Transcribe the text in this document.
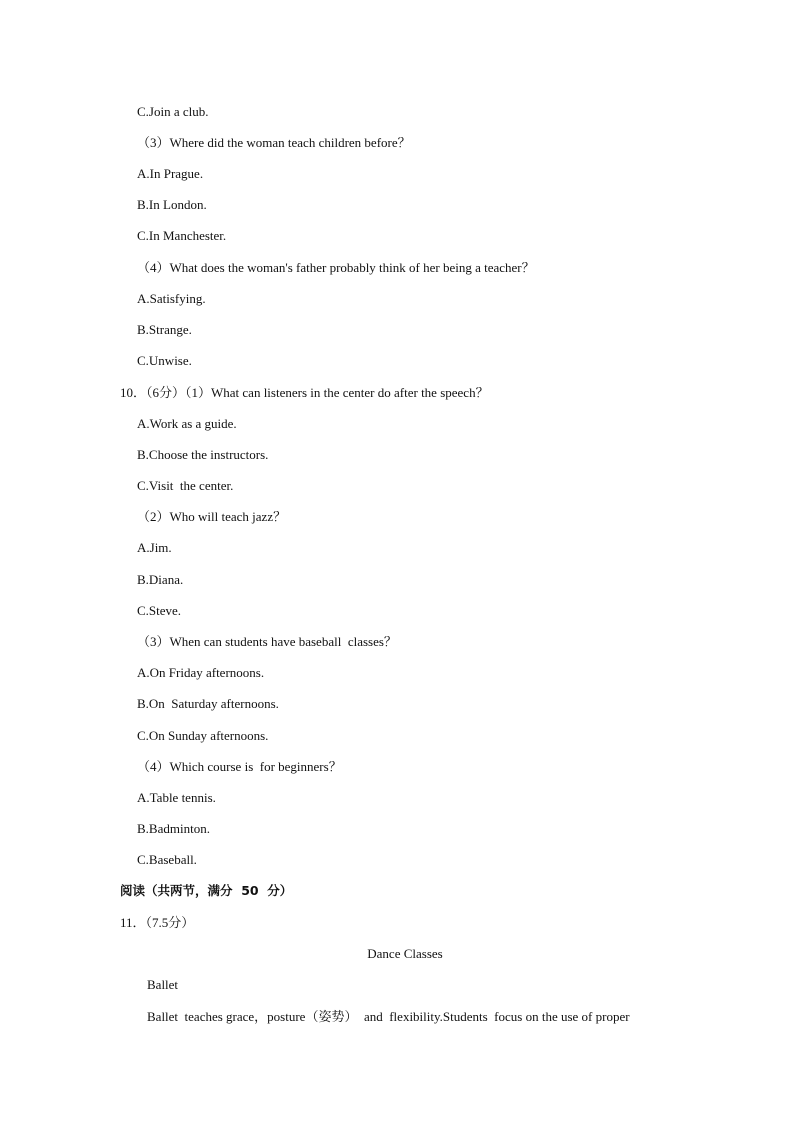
C.Join a club.
（3）Where did the woman teach children before？
A.In Prague.
B.In London.
C.In Manchester.
（4）What does the woman's father probably think of her being a teacher？
A.Satisfying.
B.Strange.
C.Unwise.
10．（6分）（1）What can listeners in the center do after the speech？
A.Work as a guide.
B.Choose the instructors.
C.Visit  the center.
（2）Who will teach jazz？
A.Jim.
B.Diana.
C.Steve.
（3）When can students have baseball  classes？
A.On Friday afternoons.
B.On  Saturday afternoons.
C.On Sunday afternoons.
（4）Which course is  for beginners？
A.Table tennis.
B.Badminton.
C.Baseball.
阅读（共两节，满分  50  分）
11．（7.5分）
Dance Classes
Ballet
Ballet  teaches grace，posture（姿势）  and  flexibility.Students  focus on the use of proper
